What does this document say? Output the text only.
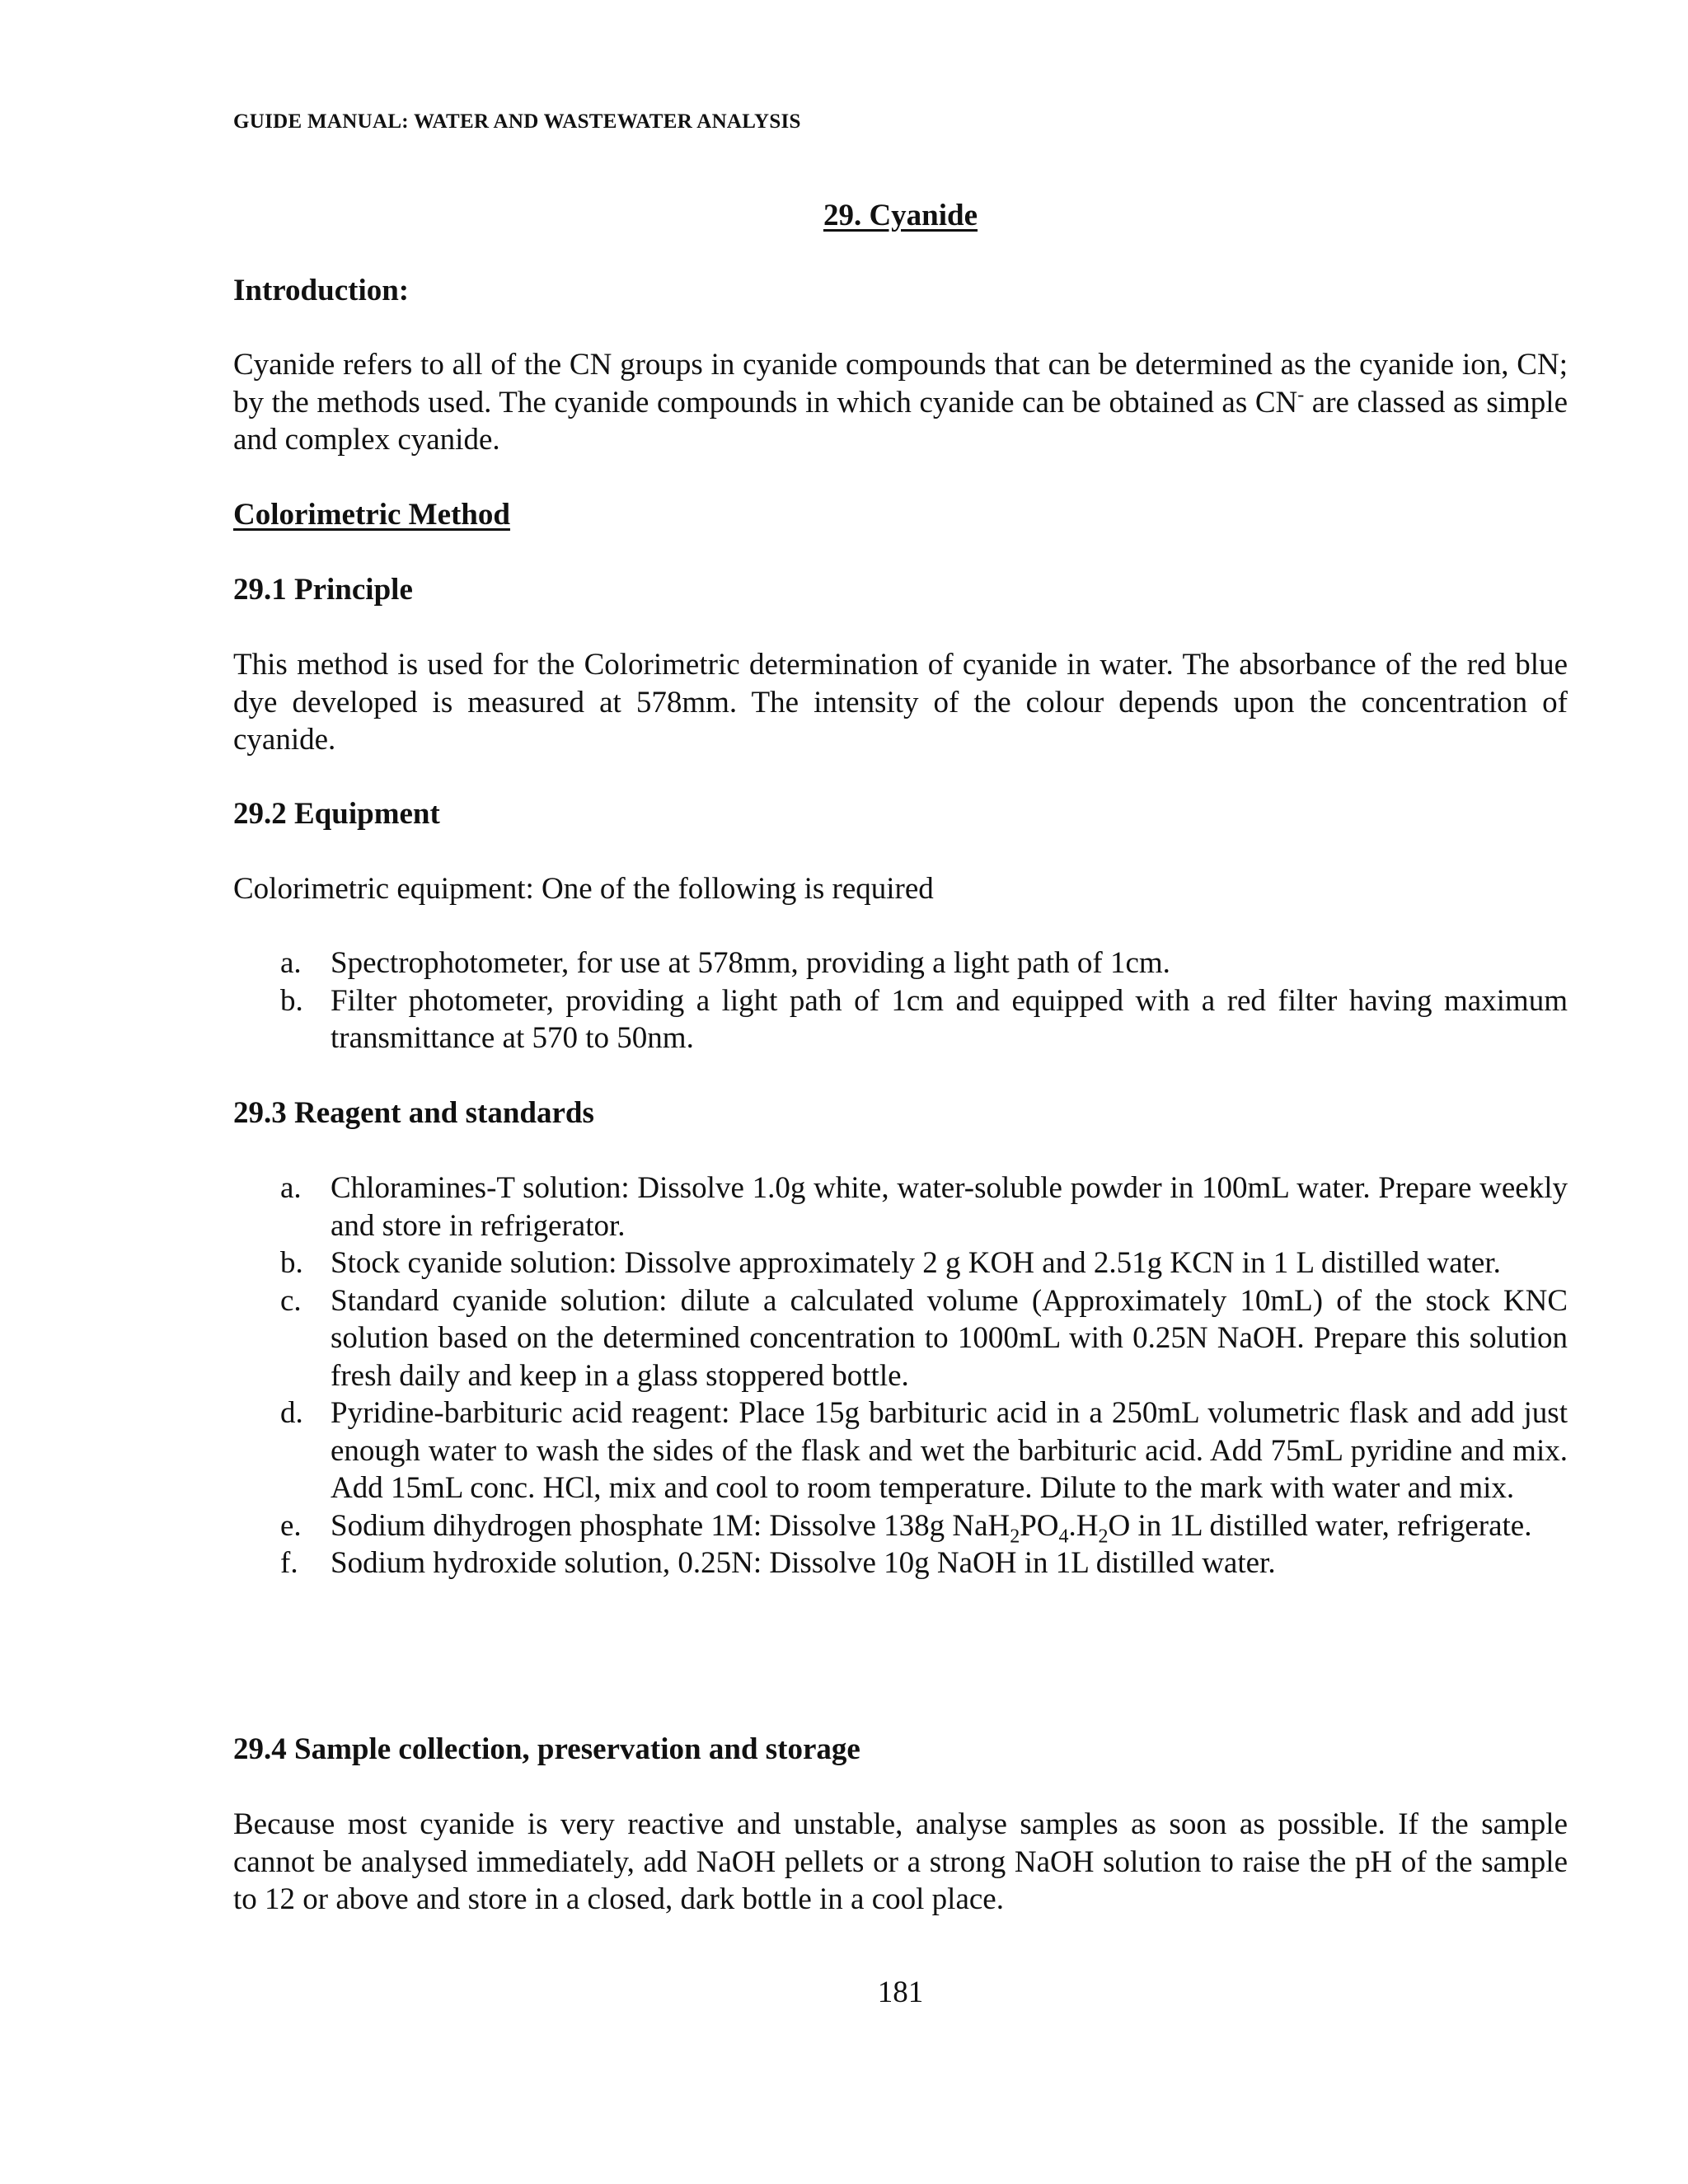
GUIDE MANUAL: WATER AND WASTEWATER ANALYSIS
29. Cyanide
Introduction:

Cyanide refers to all of the CN groups in cyanide compounds that can be determined as the cyanide ion, CN; by the methods used. The cyanide compounds in which cyanide can be obtained as CN- are classed as simple and complex cyanide.

Colorimetric Method
29.1 Principle

This method is used for the Colorimetric determination of cyanide in water. The absorbance of the red blue dye developed is measured at 578mm. The intensity of the colour depends upon the concentration of cyanide.

29.2 Equipment

Colorimetric equipment: One of the following is required

a. Spectrophotometer, for use at 578mm, providing a light path of 1cm.
b. Filter photometer, providing a light path of 1cm and equipped with a red filter having maximum transmittance at 570 to 50nm.
29.3 Reagent and standards
a. Chloramines-T solution: Dissolve 1.0g white, water-soluble powder in 100mL water. Prepare weekly and store in refrigerator.
b. Stock cyanide solution: Dissolve approximately 2 g KOH and 2.51g KCN in 1 L distilled water.
c. Standard cyanide solution: dilute a calculated volume (Approximately 10mL) of the stock KNC solution based on the determined concentration to 1000mL with 0.25N NaOH. Prepare this solution fresh daily and keep in a glass stoppered bottle.
d. Pyridine-barbituric acid reagent: Place 15g barbituric acid in a 250mL volumetric flask and add just enough water to wash the sides of the flask and wet the barbituric acid. Add 75mL pyridine and mix. Add 15mL conc. HCl, mix and cool to room temperature. Dilute to the mark with water and mix.
e. Sodium dihydrogen phosphate 1M: Dissolve 138g $NaH_2PO_4.H_2O$ in 1L distilled water, refrigerate.
f. Sodium hydroxide solution, 0.25N: Dissolve 10g NaOH in 1L distilled water.
29.4 Sample collection, preservation and storage

Because most cyanide is very reactive and unstable, analyse samples as soon as possible. If the sample cannot be analysed immediately, add NaOH pellets or a strong NaOH solution to raise the pH of the sample to 12 or above and store in a closed, dark bottle in a cool place.

181
